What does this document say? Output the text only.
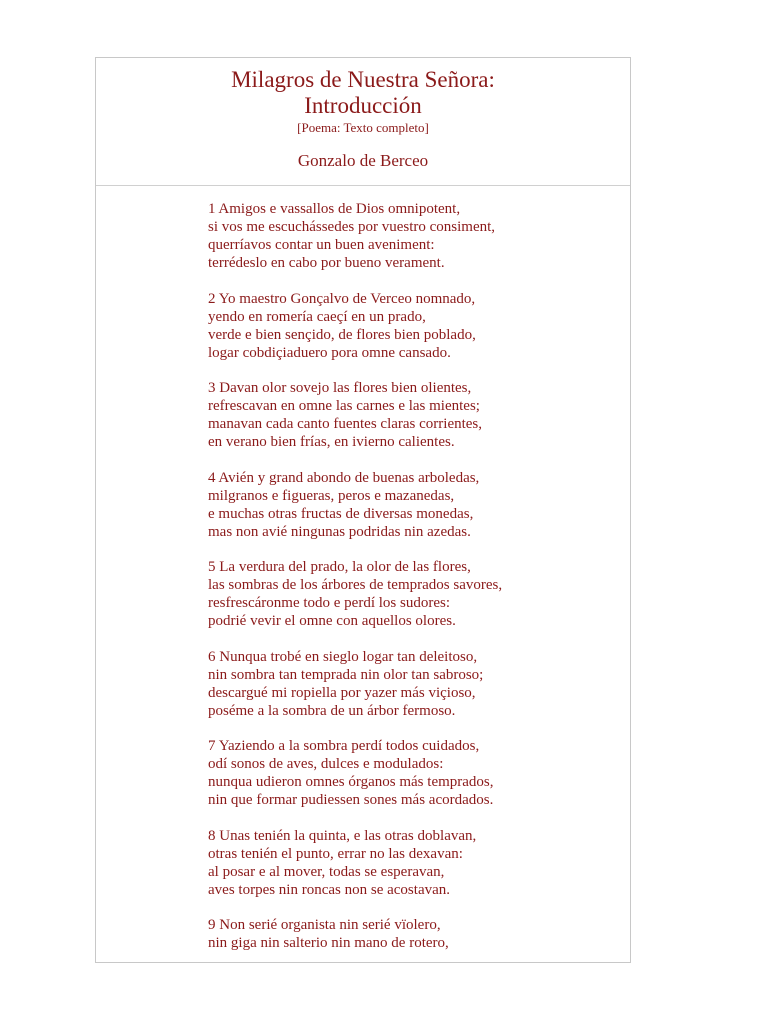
Milagros de Nuestra Señora:
Introducción
[Poema: Texto completo]
Gonzalo de Berceo
1 Amigos e vassallos de Dios omnipotent,
si vos me escuchássedes por vuestro consiment,
querríavos contar un buen aveniment:
terrédeslo en cabo por bueno verament.
2 Yo maestro Gonçalvo de Verceo nomnado,
yendo en romería caeçí en un prado,
verde e bien sençido, de flores bien poblado,
logar cobdiçiaduero pora omne cansado.
3 Davan olor sovejo las flores bien olientes,
refrescavan en omne las carnes e las mientes;
manavan cada canto fuentes claras corrientes,
en verano bien frías, en ivierno calientes.
4 Avién y grand abondo de buenas arboledas,
milgranos e figueras, peros e mazanedas,
e muchas otras fructas de diversas monedas,
mas non avié ningunas podridas nin azedas.
5 La verdura del prado, la olor de las flores,
las sombras de los árbores de temprados savores,
resfrescáronme todo e perdí los sudores:
podrié vevir el omne con aquellos olores.
6 Nunqua trobé en sieglo logar tan deleitoso,
nin sombra tan temprada nin olor tan sabroso;
descargué mi ropiella por yazer más viçioso,
poséme a la sombra de un árbor fermoso.
7 Yaziendo a la sombra perdí todos cuidados,
odí sonos de aves, dulces e modulados:
nunqua udieron omnes órganos más temprados,
nin que formar pudiessen sones más acordados.
8 Unas tenién la quinta, e las otras doblavan,
otras tenién el punto, errar no las dexavan:
al posar e al mover, todas se esperavan,
aves torpes nin roncas non se acostavan.
9 Non serié organista nin serié vïolero,
nin giga nin salterio nin mano de rotero,
